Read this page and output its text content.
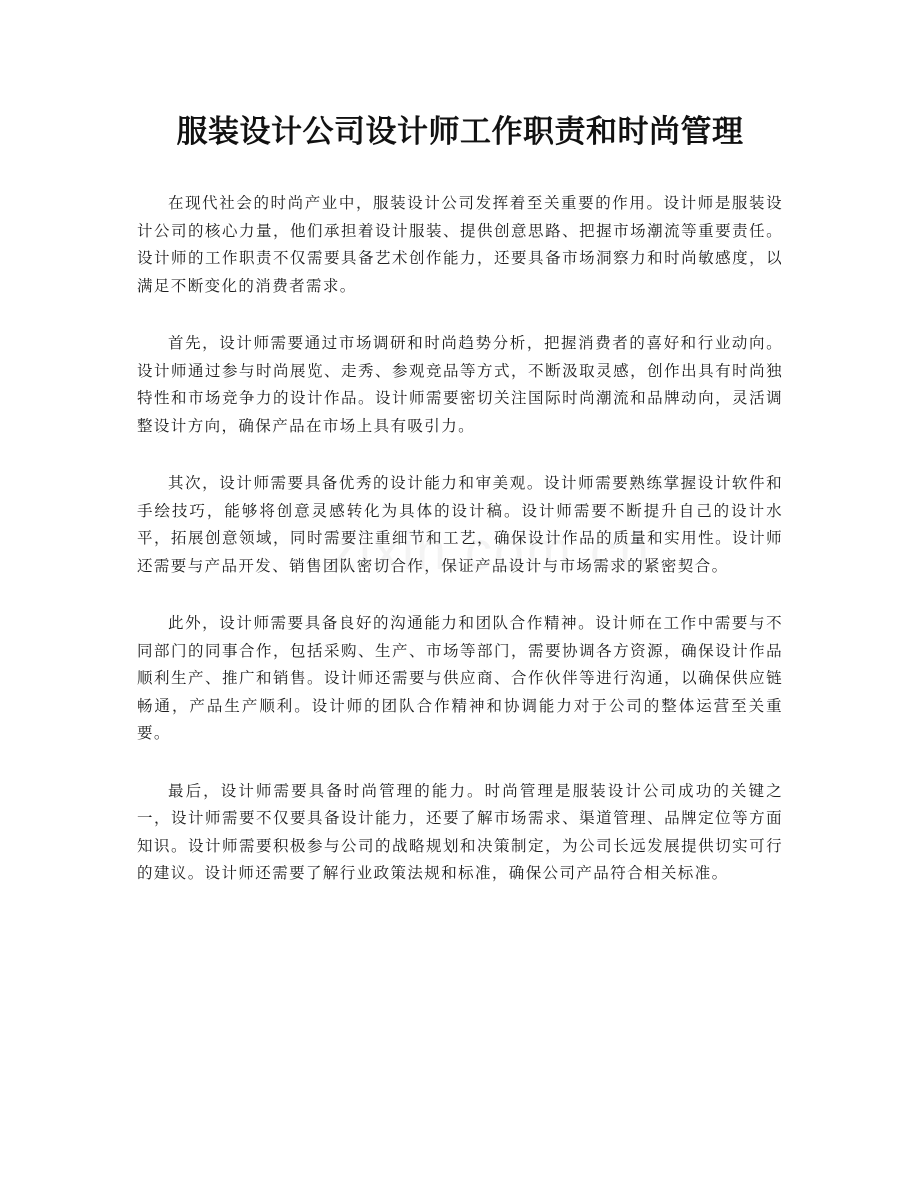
服装设计公司设计师工作职责和时尚管理

在现代社会的时尚产业中，服装设计公司发挥着至关重要的作用。设计师是服装设计公司的核心力量，他们承担着设计服装、提供创意思路、把握市场潮流等重要责任。设计师的工作职责不仅需要具备艺术创作能力，还要具备市场洞察力和时尚敏感度，以满足不断变化的消费者需求。

首先，设计师需要通过市场调研和时尚趋势分析，把握消费者的喜好和行业动向。设计师通过参与时尚展览、走秀、参观竞品等方式，不断汲取灵感，创作出具有时尚独特性和市场竞争力的设计作品。设计师需要密切关注国际时尚潮流和品牌动向，灵活调整设计方向，确保产品在市场上具有吸引力。

其次，设计师需要具备优秀的设计能力和审美观。设计师需要熟练掌握设计软件和手绘技巧，能够将创意灵感转化为具体的设计稿。设计师需要不断提升自己的设计水平，拓展创意领域，同时需要注重细节和工艺，确保设计作品的质量和实用性。设计师还需要与产品开发、销售团队密切合作，保证产品设计与市场需求的紧密契合。

此外，设计师需要具备良好的沟通能力和团队合作精神。设计师在工作中需要与不同部门的同事合作，包括采购、生产、市场等部门，需要协调各方资源，确保设计作品顺利生产、推广和销售。设计师还需要与供应商、合作伙伴等进行沟通，以确保供应链畅通，产品生产顺利。设计师的团队合作精神和协调能力对于公司的整体运营至关重要。

最后，设计师需要具备时尚管理的能力。时尚管理是服装设计公司成功的关键之一，设计师需要不仅要具备设计能力，还要了解市场需求、渠道管理、品牌定位等方面知识。设计师需要积极参与公司的战略规划和决策制定，为公司长远发展提供切实可行的建议。设计师还需要了解行业政策法规和标准，确保公司产品符合相关标准。
